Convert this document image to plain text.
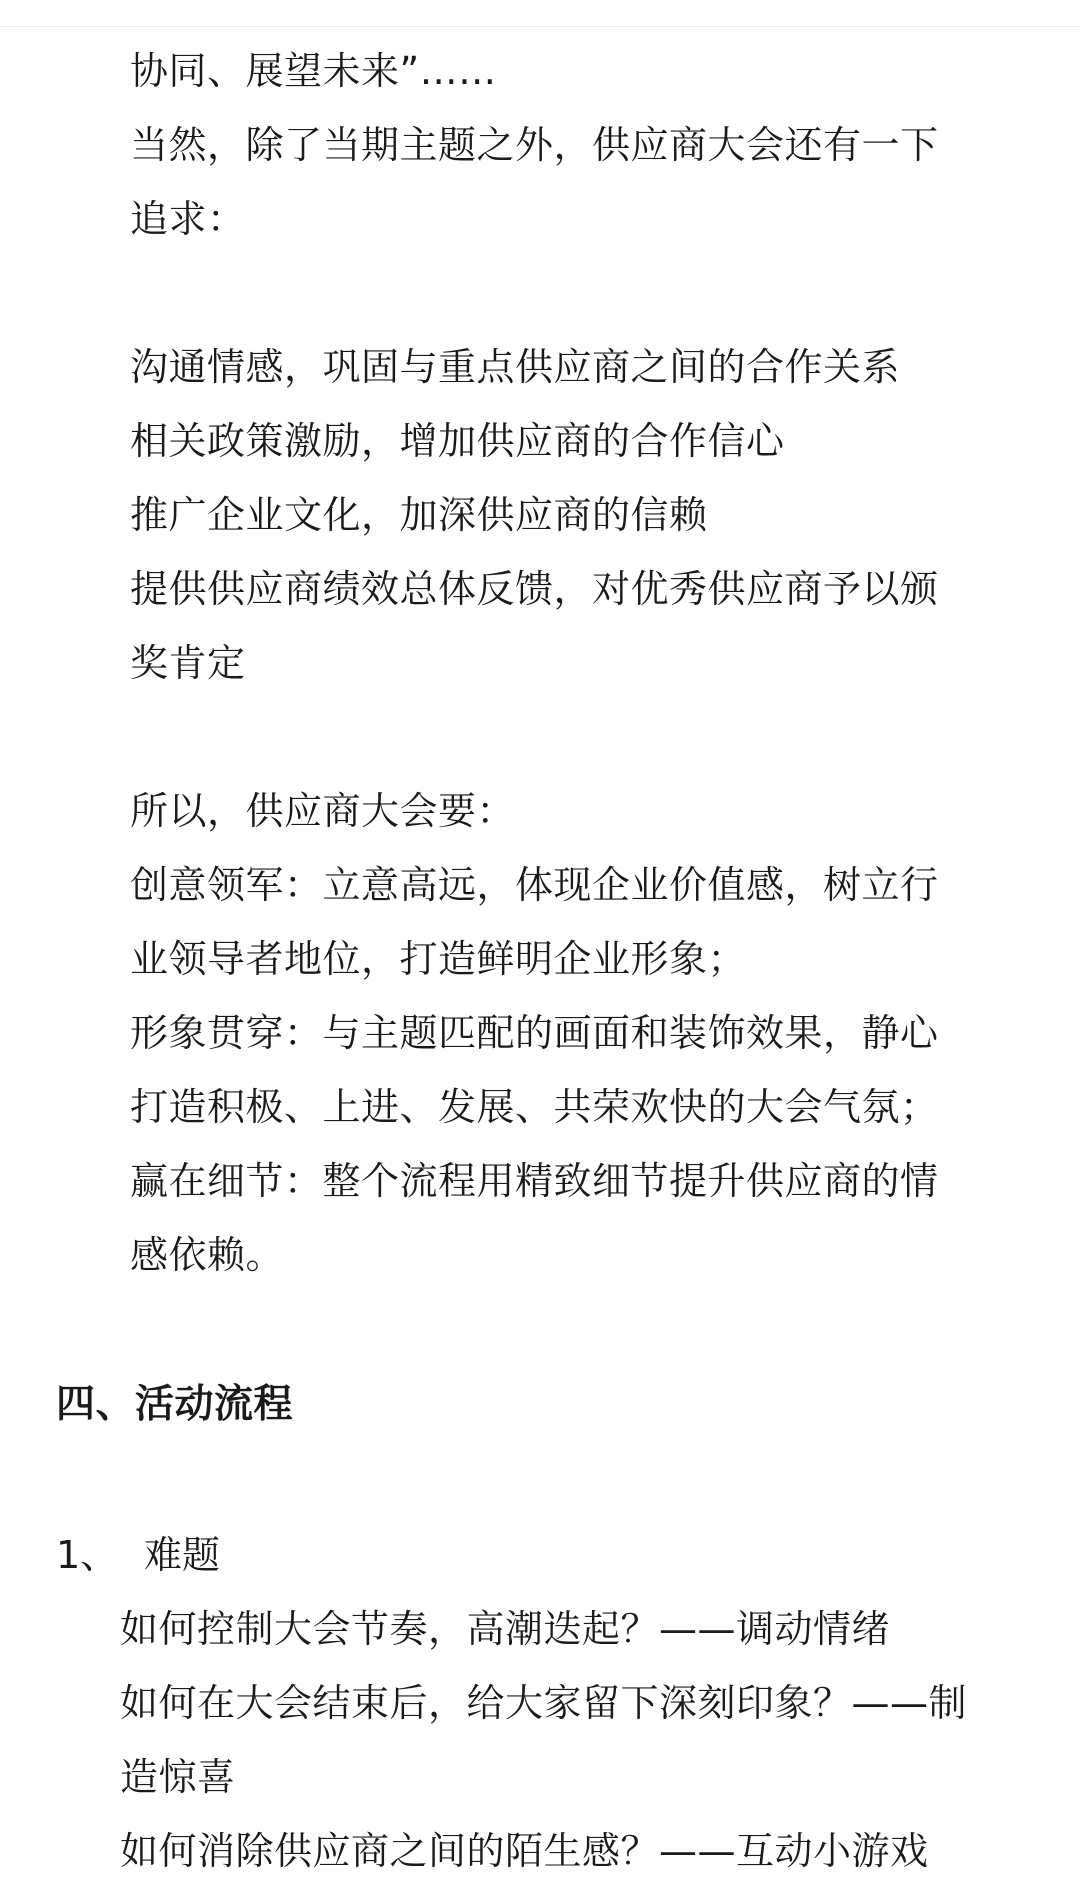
协同、展望未来”……
当然，除了当期主题之外，供应商大会还有一下
追求：
沟通情感，巩固与重点供应商之间的合作关系
相关政策激励，增加供应商的合作信心
推广企业文化，加深供应商的信赖
提供供应商绩效总体反馈，对优秀供应商予以颁
奖肯定
所以，供应商大会要：
创意领军：立意高远，体现企业价值感，树立行
业领导者地位，打造鲜明企业形象；
形象贯穿：与主题匹配的画面和装饰效果，静心
打造积极、上进、发展、共荣欢快的大会气氛；
赢在细节：整个流程用精致细节提升供应商的情
感依赖。
四、活动流程
1、 难题
如何控制大会节奏，高潮迭起？——调动情绪
如何在大会结束后，给大家留下深刻印象？——制
造惊喜
如何消除供应商之间的陌生感？——互动小游戏
